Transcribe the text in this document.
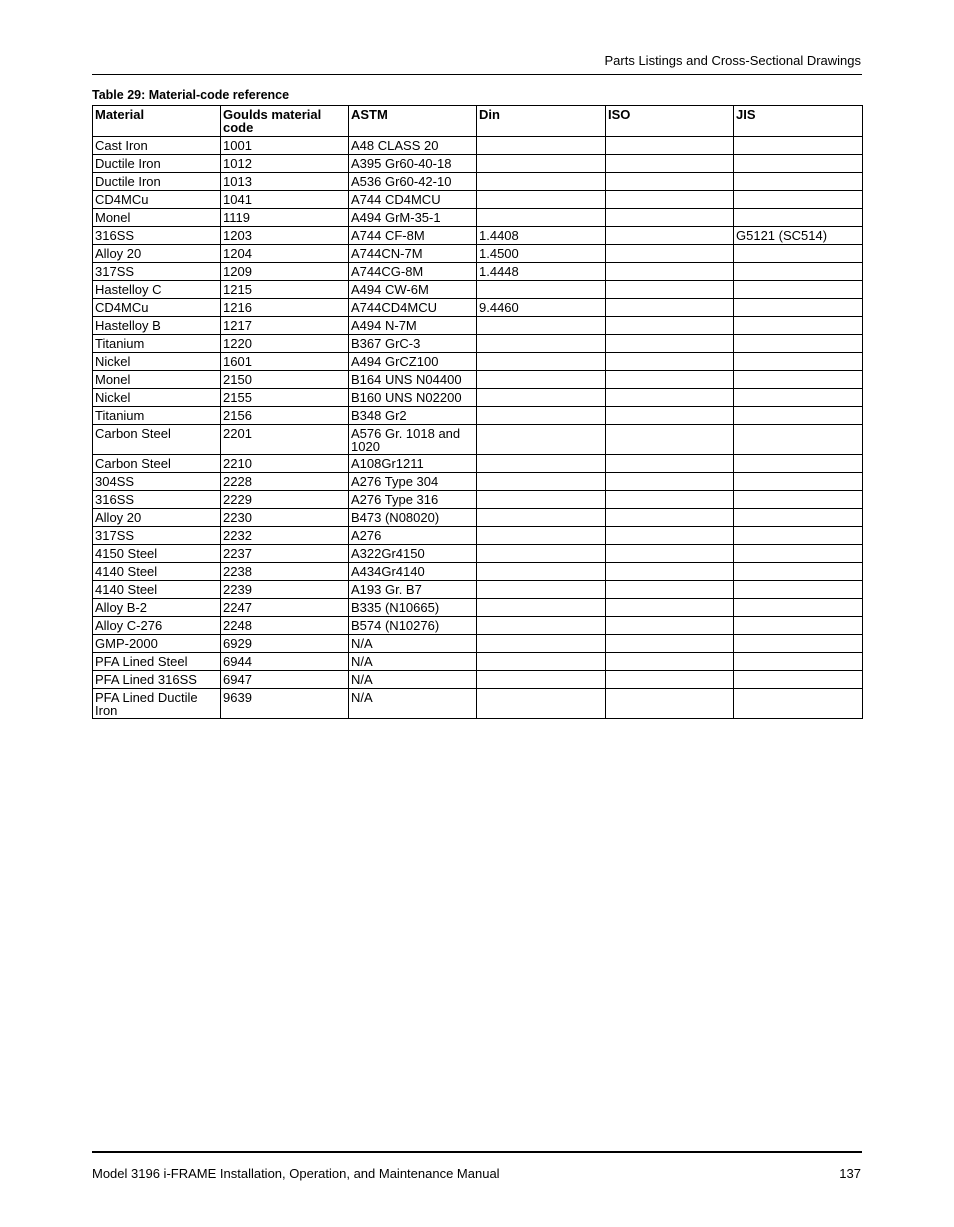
Parts Listings and Cross-Sectional Drawings
Table 29: Material-code reference
Material	Goulds material code	ASTM	Din	ISO	JIS
Cast Iron	1001	A48 CLASS 20			
Ductile Iron	1012	A395 Gr60-40-18			
Ductile Iron	1013	A536 Gr60-42-10			
CD4MCu	1041	A744 CD4MCU			
Monel	1119	A494 GrM-35-1			
316SS	1203	A744 CF-8M	1.4408		G5121 (SC514)
Alloy 20	1204	A744CN-7M	1.4500		
317SS	1209	A744CG-8M	1.4448		
Hastelloy C	1215	A494 CW-6M			
CD4MCu	1216	A744CD4MCU	9.4460		
Hastelloy B	1217	A494 N-7M			
Titanium	1220	B367 GrC-3			
Nickel	1601	A494 GrCZ100			
Monel	2150	B164 UNS N04400			
Nickel	2155	B160 UNS N02200			
Titanium	2156	B348 Gr2			
Carbon Steel	2201	A576 Gr. 1018 and 1020			
Carbon Steel	2210	A108Gr1211			
304SS	2228	A276 Type 304			
316SS	2229	A276 Type 316			
Alloy 20	2230	B473 (N08020)			
317SS	2232	A276			
4150 Steel	2237	A322Gr4150			
4140 Steel	2238	A434Gr4140			
4140 Steel	2239	A193 Gr. B7			
Alloy B-2	2247	B335 (N10665)			
Alloy C-276	2248	B574 (N10276)			
GMP-2000	6929	N/A			
PFA Lined Steel	6944	N/A			
PFA Lined 316SS	6947	N/A			
PFA Lined Ductile Iron	9639	N/A			
Model 3196 i-FRAME Installation, Operation, and Maintenance Manual	137
